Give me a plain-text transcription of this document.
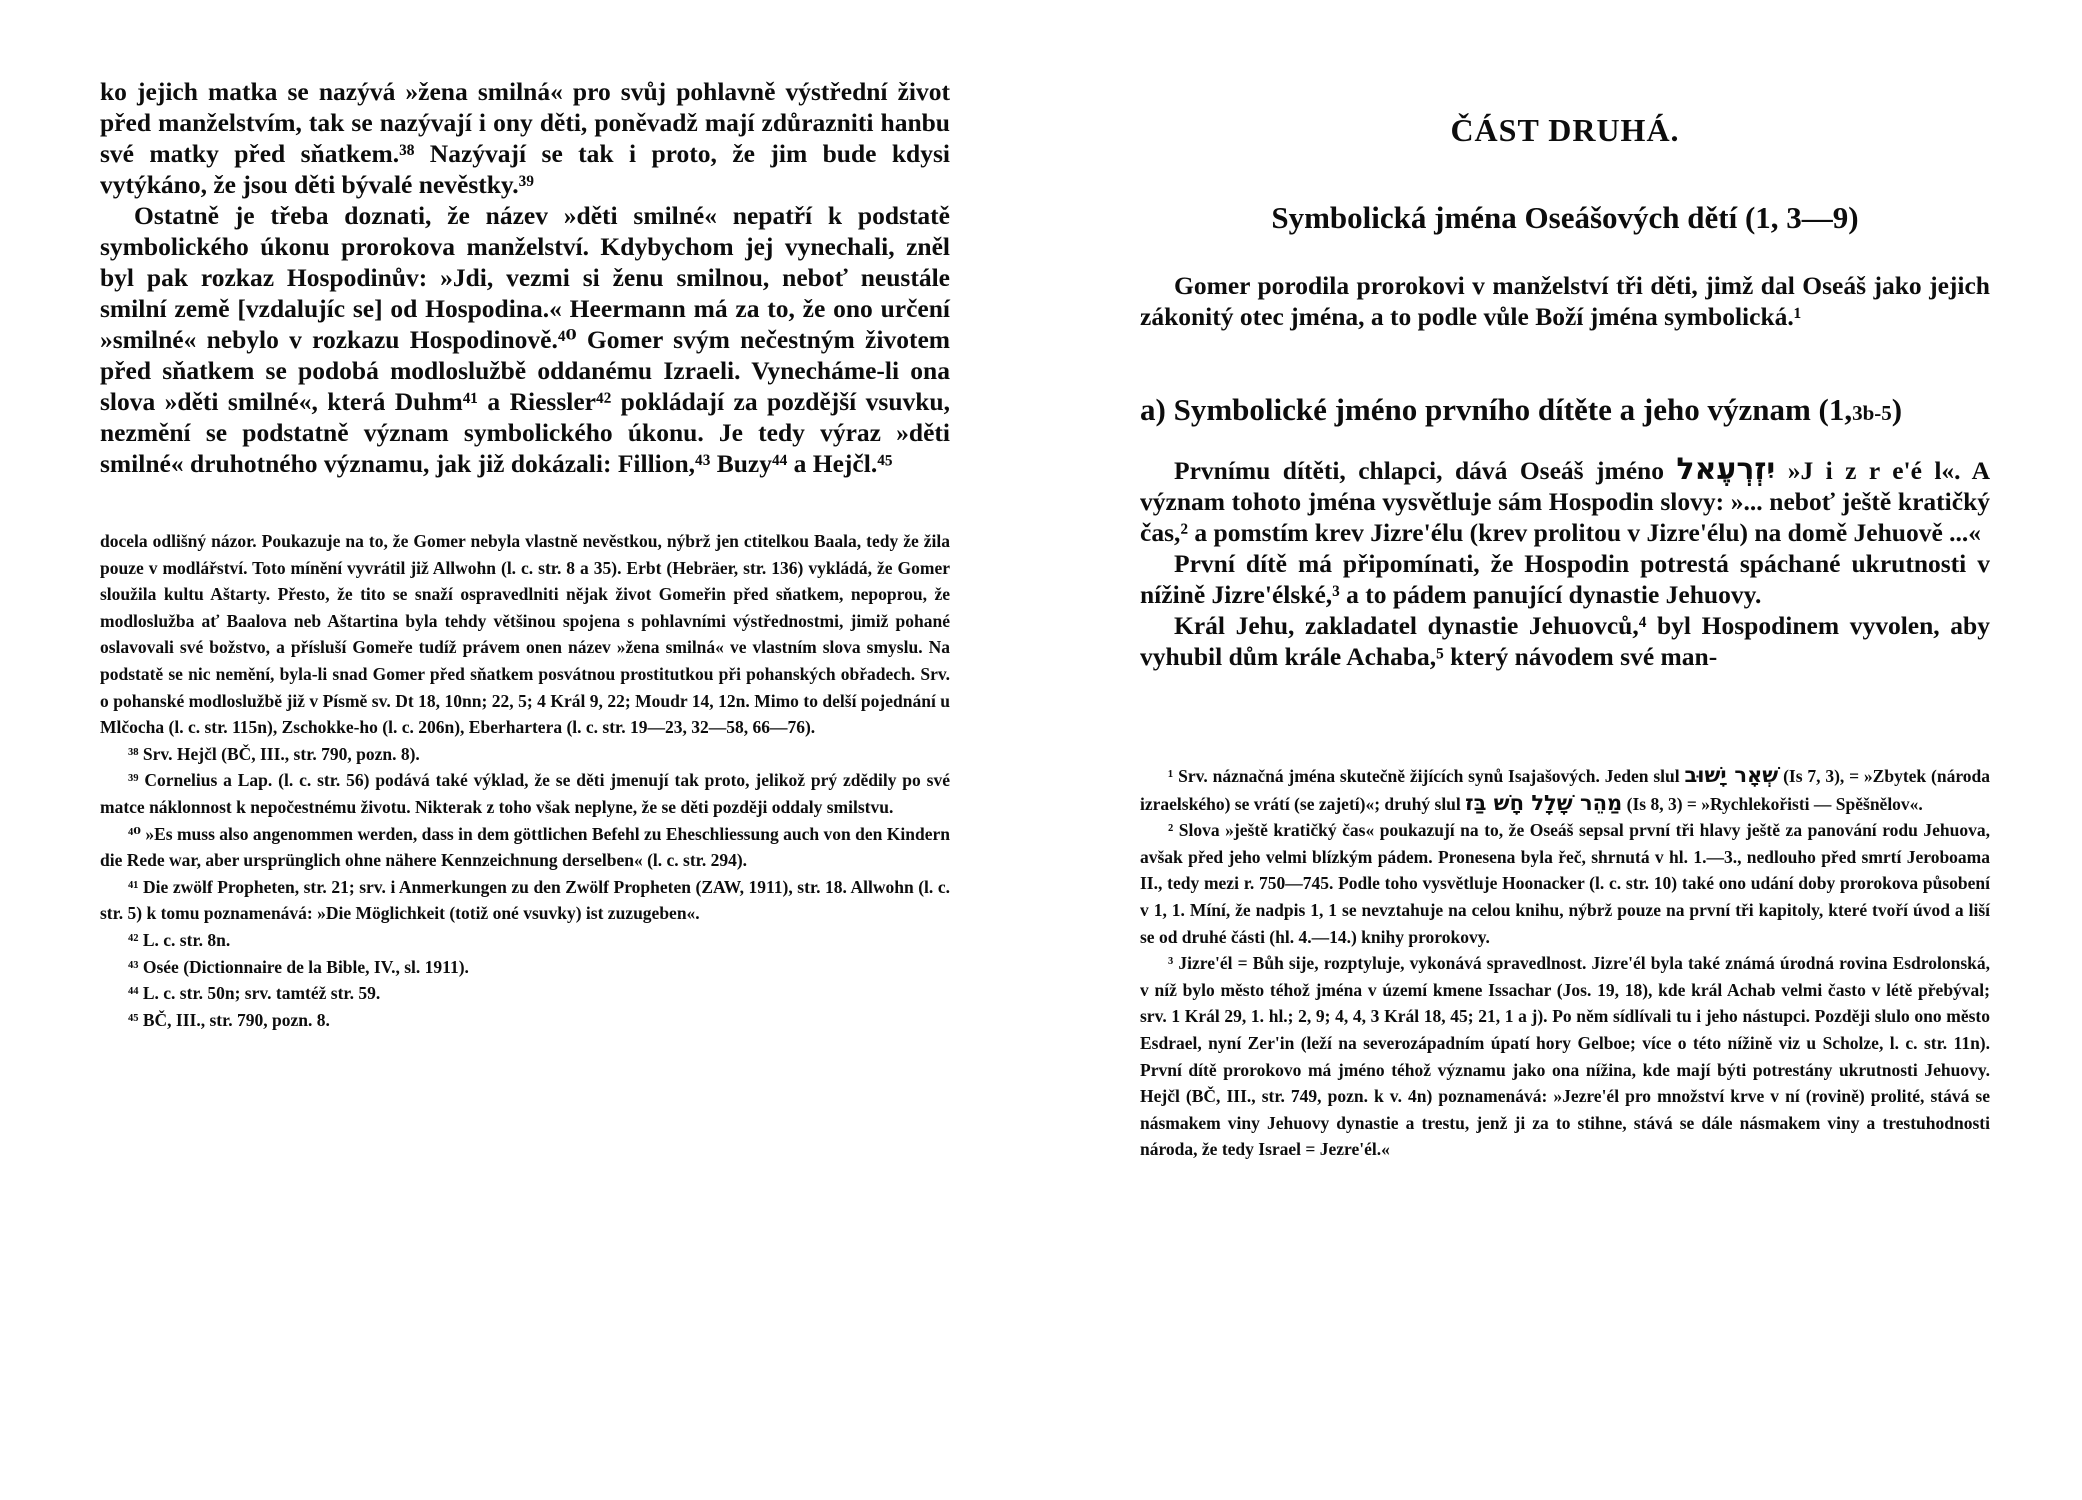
ko jejich matka se nazývá »žena smilná« pro svůj pohlavně výstřední život před manželstvím, tak se nazývají i ony děti, poněvadž mají zdůrazniti hanbu své matky před sňatkem.³⁸ Nazývají se tak i proto, že jim bude kdysi vytýkáno, že jsou děti bývalé nevěstky.³⁹

Ostatně je třeba doznati, že název »děti smilné« nepatří k podstatě symbolického úkonu prorokova manželství. Kdybychom jej vynechali, zněl byl pak rozkaz Hospodinův: »Jdi, vezmi si ženu smilnou, neboť neustále smilní země [vzdalujíc se] od Hospodina.« Heermann má za to, že ono určení »smilné« nebylo v rozkazu Hospodinově.⁴⁰ Gomer svým nečestným životem před sňatkem se podobá modloslužbě oddanému Izraeli. Vynecháme-li ona slova »děti smilné«, která Duhm⁴¹ a Riessler⁴² pokládají za pozdější vsuvku, nezmění se podstatně význam symbolického úkonu. Je tedy výraz »děti smilné« druhotného významu, jak již dokázali: Fillion,⁴³ Buzy⁴⁴ a Hejčl.⁴⁵

docela odlišný názor. Poukazuje na to, že Gomer nebyla vlastně nevěstkou, nýbrž jen ctitelkou Baala, tedy že žila pouze v modlářství. Toto mínění vyvrátil již Allwohn (l. c. str. 8 a 35). Erbt (Hebräer, str. 136) vykládá, že Gomer sloužila kultu Aštarty. Přesto, že tito se snaží ospravedlniti nějak život Gomeřin před sňatkem, nepoprou, že modloslužba ať Baalova neb Aštartina byla tehdy většinou spojena s pohlavními výstřednostmi, jimiž pohané oslavovali své božstvo, a přísluší Gomeře tudíž právem onen název »žena smilná« ve vlastním slova smyslu. Na podstatě se nic nemění, byla-li snad Gomer před sňatkem posvátnou prostitutkou při pohanských obřadech. Srv. o pohanské modloslužbě již v Písmě sv. Dt 18, 10nn; 22, 5; 4 Král 9, 22; Moudr 14, 12n. Mimo to delší pojednání u Mlčocha (l. c. str. 115n), Zschokke-ho (l. c. 206n), Eberhartera (l. c. str. 19—23, 32—58, 66—76).

³⁸ Srv. Hejčl (BČ, III., str. 790, pozn. 8).

³⁹ Cornelius a Lap. (l. c. str. 56) podává také výklad, že se děti jmenují tak proto, jelikož prý zdědily po své matce náklonnost k nepočestnému životu. Nikterak z toho však neplyne, že se děti později oddaly smilstvu.

⁴⁰ »Es muss also angenommen werden, dass in dem göttlichen Befehl zu Eheschliessung auch von den Kindern die Rede war, aber ursprünglich ohne nähere Kennzeichnung derselben« (l. c. str. 294).

⁴¹ Die zwölf Propheten, str. 21; srv. i Anmerkungen zu den Zwölf Propheten (ZAW, 1911), str. 18. Allwohn (l. c. str. 5) k tomu poznamenává: »Die Möglichkeit (totiž oné vsuvky) ist zuzugeben«.

⁴² L. c. str. 8n.

⁴³ Osée (Dictionnaire de la Bible, IV., sl. 1911).

⁴⁴ L. c. str. 50n; srv. tamtéž str. 59.

⁴⁵ BČ, III., str. 790, pozn. 8.

ČÁST DRUHÁ.
Symbolická jména Oseášových dětí (1, 3—9)

Gomer porodila prorokovi v manželství tři děti, jimž dal Oseáš jako jejich zákonitý otec jména, a to podle vůle Boží jména symbolická.¹

a) Symbolické jméno prvního dítěte a jeho význam (1,3b-5)

Prvnímu dítěti, chlapci, dává Oseáš jméno יִזְרְעֶאל »J i z r e'é l«. A význam tohoto jména vysvětluje sám Hospodin slovy: »... neboť ještě kratičký čas,² a pomstím krev Jizre'élu (krev prolitou v Jizre'élu) na domě Jehuově ...«

První dítě má připomínati, že Hospodin potrestá spáchané ukrutnosti v nížině Jizre'élské,³ a to pádem panující dynastie Jehuovy.

Král Jehu, zakladatel dynastie Jehuovců,⁴ byl Hospodinem vyvolen, aby vyhubil dům krále Achaba,⁵ který návodem své man-

¹ Srv. náznačná jména skutečně žijících synů Isajašových. Jeden slul שְׁאָר יָשׁוּב (Is 7, 3), = »Zbytek (národa izraelského) se vrátí (se zajetí)«; druhý slul מַהֵר שָׁלָל חָשׁ בַּז (Is 8, 3) = »Rychlekořisti — Spěšnělov«.

² Slova »ještě kratičký čas« poukazují na to, že Oseáš sepsal první tři hlavy ještě za panování rodu Jehuova, avšak před jeho velmi blízkým pádem. Pronesena byla řeč, shrnutá v hl. 1.—3., nedlouho před smrtí Jeroboama II., tedy mezi r. 750—745. Podle toho vysvětluje Hoonacker (l. c. str. 10) také ono udání doby prorokova působení v 1, 1. Míní, že nadpis 1, 1 se nevztahuje na celou knihu, nýbrž pouze na první tři kapitoly, které tvoří úvod a liší se od druhé části (hl. 4.—14.) knihy prorokovy.

³ Jizre'él = Bůh sije, rozptyluje, vykonává spravedlnost. Jizre'él byla také známá úrodná rovina Esdrolonská, v níž bylo město téhož jména v území kmene Issachar (Jos. 19, 18), kde král Achab velmi často v létě přebýval; srv. 1 Král 29, 1. hl.; 2, 9; 4, 4, 3 Král 18, 45; 21, 1 a j). Po něm sídlívali tu i jeho nástupci. Později slulo ono město Esdrael, nyní Zer'in (leží na severozápadním úpatí hory Gelboe; více o této nížině viz u Scholze, l. c. str. 11n). První dítě prorokovo má jméno téhož významu jako ona nížina, kde mají býti potrestány ukrutnosti Jehuovy. Hejčl (BČ, III., str. 749, pozn. k v. 4n) poznamenává: »Jezre'él pro množství krve v ní (rovině) prolité, stává se násmakem viny Jehuovy dynastie a trestu, jenž ji za to stihne, stává se dále násmakem viny a trestuhodnosti národa, že tedy Israel = Jezre'él.«
